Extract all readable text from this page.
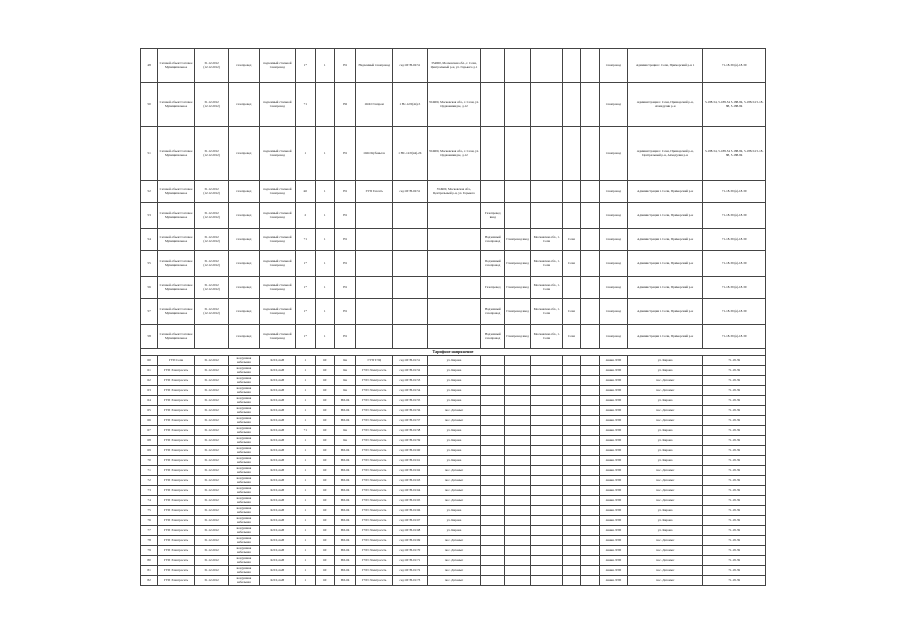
48	Сетевой объект Сетевое Муниципальное	31.12.2012 (12.12.2012)	газопровод	подземный стальной газопровод	1*	1	Н1	Надземный газопровод	сед ОГ/Н-02/51	354900, Московская обл., г. Сочи, Центральный р-н, ул. Горького д.1						газопровод	Администрация г. Сочи, Приморский р-н 1	71-18-39 (в)-18-39
50	Сетевой объект Сетевое Муниципальное	31.12.2012 (12.12.2012)	газопровод	подземный стальной газопровод	+1		Н2	ООО Газпром	1 Нс-12/0(44)-5	354900, Московская обл., г. Сочи, ул. Орджоникидзе, д.12						газопровод	Администрация г. Сочи, Приморский р-н, Ахмадулин р-н	5-188-54, 5-188-54 5-188-84, 5-188-54 5-18-88, 5-188-84
51	Сетевой объект Сетевое Муниципальное	31.12.2012 (12.12.2012)	газопровод	подземный стальной газопровод	1	1	Н1	ООО Кубаньгаз	1 НС-12/0(44)-26	354900, Московская обл., г. Сочи, ул. Орджоникидзе, д.12						газопровод	Администрация г. Сочи, Приморский р-н, Центральный р-н, Ахмадулин р-н	5-188-54, 5-188-54 5-188-84, 5-188-54 5-18-88, 5-188-84
52	Сетевой объект Сетевое Муниципальное	31.12.2012 (12.12.2012)	газопровод	подземный стальной газопровод	ml	1	Н1	ГУП Газсеть	сед ОГ/Н-02/51	354900, Московская обл., Центральный р-н, ул. Горького						газопровод	Администрация г. Сочи, Приморский р-н	71-18-39 (в)-18-39
53	Сетевой объект Сетевое Муниципальное	31.12.2012 (12.12.2012)	газопровод	подземный стальной газопровод	2	1	Н1				Газопровод ввод					газопровод	Администрация г. Сочи, Приморский р-н	71-18-39 (в)-18-39
54	Сетевой объект Сетевое Муниципальное	31.12.2012 (12.12.2012)	газопровод	подземный стальной газопровод	+1	1	Н1				Надземный газопровод	Газопровод ввод	Московская обл., г. Сочи	Сочи		газопровод	Администрация г. Сочи, Приморский р-н	71-18-39 (в)-18-39
55	Сетевой объект Сетевое Муниципальное	31.12.2012 (12.12.2012)	газопровод	подземный стальной газопровод	1*	1	Н1				Подземный газопровод	Газопровод ввод	Московская обл., г. Сочи	Сочи		газопровод	Администрация г. Сочи, Приморский р-н	71-18-39 (в)-18-39
56	Сетевой объект Сетевое Муниципальное	31.12.2012 (12.12.2012)	газопровод	подземный стальной газопровод	1*	1	Н1				Газопровод	Газопровод ввод	Московская обл., г. Сочи			газопровод	Администрация г. Сочи, Приморский р-н	71-18-39 (в)-18-39
57	Сетевой объект Сетевое Муниципальное	31.12.2012 (12.12.2012)	газопровод	подземный стальной газопровод	1*	1	Н1				Надземный газопровод	Газопровод ввод	Московская обл., г. Сочи	Сочи		газопровод	Администрация г. Сочи, Приморский р-н	71-18-39 (в)-18-39
58	Сетевой объект Сетевое Муниципальное		газопровод	подземный стальной газопровод	1*	1	Н1				Надземный газопровод	Газопровод ввод	Московская обл., г. Сочи	Сочи		газопровод	Администрация г. Сочи, Приморский р-н	71-18-39 (в)-18-39
Тарифное напряжение																		
60	ГУП Сочи	31.12.2012	воздушная кабельная	КЛ 0,4 кВ	1	60	Кв	ГУП ТЭЦ	сед ОГ/Н-01/51	ул. Кирова						линия ЛЭП	ул. Кирова	71-18-39
61	ГУП Электросеть	31.12.2012	воздушная кабельная	КЛ 0,4 кВ	1	60	Кв	ГУП Электросеть	сед ОГ/Н-01/52	ул. Кирова						линия ЛЭП	ул. Кирова	71-18-39
62	ГУП Электросеть	31.12.2012	воздушная кабельная	КЛ 0,4 кВ	1	60	Кв	ГУП Электросеть	сед ОГ/Н-01/53	ул. Кирова						линия ЛЭП	пос. Дагомыс	71-18-39
63	ГУП Электросеть	31.12.2012	воздушная кабельная	КЛ 0,4 кВ	1	60	Кв	ГУП Электросеть	сед ОГ/Н-01/54	ул. Кирова						линия ЛЭП	пос. Дагомыс	71-18-39
64	ГУП Электросеть	31.12.2012	воздушная кабельная	КЛ 0,4 кВ	1	60	ВЛ-04	ГУП Электросеть	сед ОГ/Н-01/55	ул. Кирова						линия ЛЭП	ул. Кирова	71-18-39
65	ГУП Электросеть	31.12.2012	воздушная кабельная	КЛ 0,4 кВ	1	60	ВЛ-04	ГУП Электросеть	сед ОГ/Н-01/56	пос. Дагомыс						линия ЛЭП	пос. Дагомыс	71-18-39
66	ГУП Электросеть	31.12.2012	воздушная кабельная	КЛ 0,4 кВ	1	60	ВЛ-04	ГУП Электросеть	сед ОГ/Н-01/57	пос. Дагомыс						линия ЛЭП	пос. Дагомыс	71-18-39
67	ГУП Электросеть	31.12.2012	воздушная кабельная	КЛ 0,4 кВ	+1	60	Кв	ГУП Электросеть	сед ОГ/Н-01/58	ул. Кирова						линия ЛЭП	ул. Кирова	71-18-39
68	ГУП Электросеть	31.12.2012	воздушная кабельная	КЛ 0,4 кВ	1	60	Кв	ГУП Электросеть	сед ОГ/Н-01/59	ул. Кирова						линия ЛЭП	ул. Кирова	71-18-39
69	ГУП Электросеть	31.12.2012	воздушная кабельная	КЛ 0,4 кВ	1	60	ВЛ-04	ГУП Электросеть	сед ОГ/Н-01/60	ул. Кирова						линия ЛЭП	ул. Кирова	71-18-39
70	ГУП Электросеть	31.12.2012	воздушная кабельная	КЛ 0,4 кВ	1	60	ВЛ-04	ГУП Электросеть	сед ОГ/Н-01/61	ул. Кирова						линия ЛЭП	ул. Кирова	71-18-39
71	ГУП Электросеть	31.12.2012	воздушная кабельная	КЛ 0,4 кВ	1	60	ВЛ-04	ГУП Электросеть	сед ОГ/Н-01/62	пос. Дагомыс						линия ЛЭП	пос. Дагомыс	71-18-39
72	ГУП Электросеть	31.12.2012	воздушная кабельная	КЛ 0,4 кВ	1	60	ВЛ-04	ГУП Электросеть	сед ОГ/Н-01/63	пос. Дагомыс						линия ЛЭП	пос. Дагомыс	71-18-39
73	ГУП Электросеть	31.12.2012	воздушная кабельная	КЛ 0,4 кВ	1	60	ВЛ-04	ГУП Электросеть	сед ОГ/Н-01/64	пос. Дагомыс						линия ЛЭП	пос. Дагомыс	71-18-39
74	ГУП Электросеть	31.12.2012	воздушная кабельная	КЛ 0,4 кВ	1	60	ВЛ-04	ГУП Электросеть	сед ОГ/Н-01/65	пос. Дагомыс						линия ЛЭП	пос. Дагомыс	71-18-39
75	ГУП Электросеть	31.12.2012	воздушная кабельная	КЛ 0,4 кВ	1	60	ВЛ-04	ГУП Электросеть	сед ОГ/Н-01/66	ул. Кирова						линия ЛЭП	ул. Кирова	71-18-39
76	ГУП Электросеть	31.12.2012	воздушная кабельная	КЛ 0,4 кВ	1	60	ВЛ-04	ГУП Электросеть	сед ОГ/Н-01/67	ул. Кирова						линия ЛЭП	ул. Кирова	71-18-39
77	ГУП Электросеть	31.12.2012	воздушная кабельная	КЛ 0,4 кВ	1	60	ВЛ-04	ГУП Электросеть	сед ОГ/Н-01/68	ул. Кирова						линия ЛЭП	ул. Кирова	71-18-39
78	ГУП Электросеть	31.12.2012	воздушная кабельная	КЛ 0,4 кВ	1	60	ВЛ-04	ГУП Электросеть	сед ОГ/Н-01/69	пос. Дагомыс						линия ЛЭП	пос. Дагомыс	71-18-39
79	ГУП Электросеть	31.12.2012	воздушная кабельная	КЛ 0,4 кВ	1	60	ВЛ-04	ГУП Электросеть	сед ОГ/Н-01/70	пос. Дагомыс						линия ЛЭП	пос. Дагомыс	71-18-39
80	ГУП Электросеть	31.12.2012	воздушная кабельная	КЛ 0,4 кВ	1	60	ВЛ-04	ГУП Электросеть	сед ОГ/Н-01/71	пос. Дагомыс						линия ЛЭП	пос. Дагомыс	71-18-39
81	ГУП Электросеть	31.12.2012	воздушная кабельная	КЛ 0,4 кВ	1	60	ВЛ-04	ГУП Электросеть	сед ОГ/Н-01/72	пос. Дагомыс						линия ЛЭП	пос. Дагомыс	71-18-39
82	ГУП Электросеть	31.12.2012	воздушная кабельная	КЛ 0,4 кВ	1	60	ВЛ-04	ГУП Электросеть	сед ОГ/Н-01/73	пос. Дагомыс						линия ЛЭП	пос. Дагомыс	71-18-39
